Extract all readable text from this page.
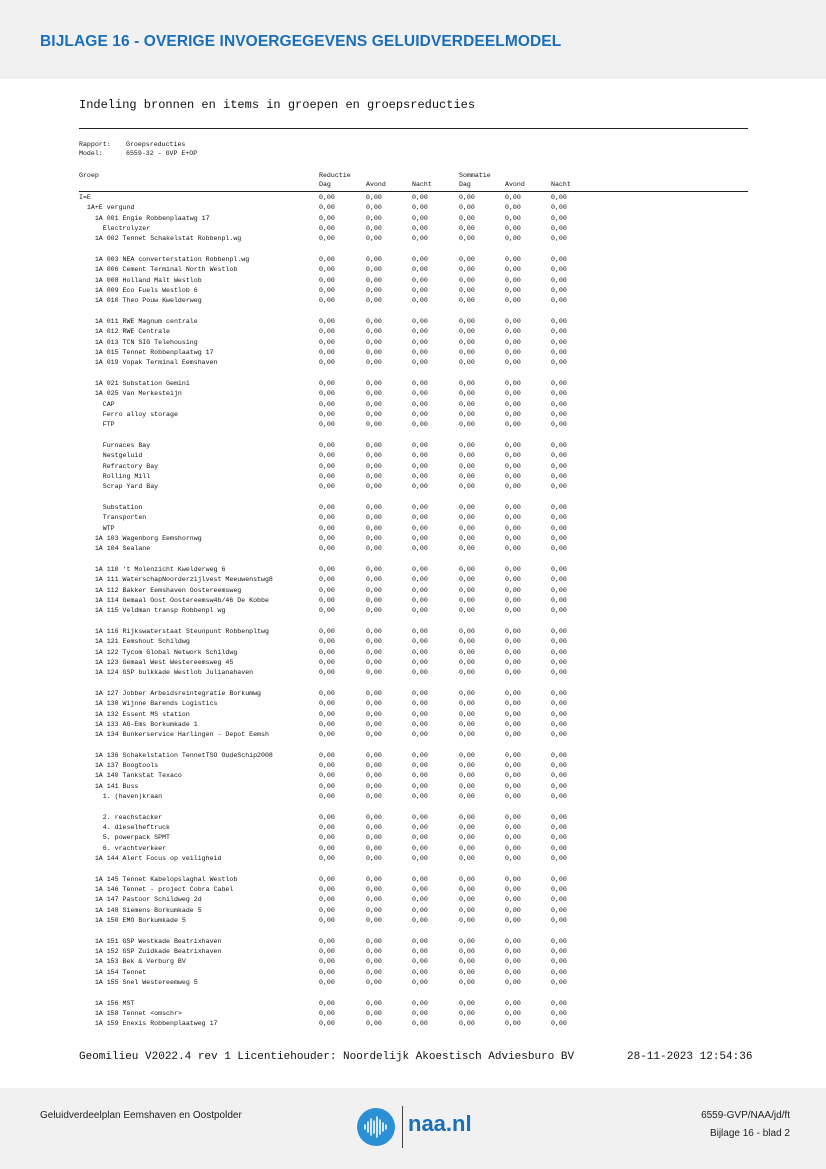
BIJLAGE 16 - OVERIGE INVOERGEGEVENS GELUIDVERDEELMODEL
Indeling bronnen en items in groepen en groepsreducties
Rapport: Groepsreducties
Model:	6559-32 - GVP E+OP
Groep	Reductie	Sommatie
Dag	Avond	Nacht	Dag	Avond	Nacht
I=E	0,00	0,00	0,00	0,00	0,00	0,00
1A+E vergund	0,00	0,00	0,00	0,00	0,00	0,00
1A 001 Engie Robbenplaatwg 17	0,00	0,00	0,00	0,00	0,00	0,00
Electrolyzer	0,00	0,00	0,00	0,00	0,00	0,00
1A 002 Tennet Schakelstat Robbenpl.wg	0,00	0,00	0,00	0,00	0,00	0,00
1A 003 NEA converterstation Robbenpl.wg	0,00	0,00	0,00	0,00	0,00	0,00
1A 006 Cement Terminal North Westlob	0,00	0,00	0,00	0,00	0,00	0,00
1A 008 Holland Malt Westlob	0,00	0,00	0,00	0,00	0,00	0,00
1A 009 Eco Fuels Westlob 6	0,00	0,00	0,00	0,00	0,00	0,00
1A 010 Theo Pouw Kwelderweg	0,00	0,00	0,00	0,00	0,00	0,00
1A 011 RWE Magnum centrale	0,00	0,00	0,00	0,00	0,00	0,00
1A 012 RWE Centrale	0,00	0,00	0,00	0,00	0,00	0,00
1A 013 TCN SIG Telehousing	0,00	0,00	0,00	0,00	0,00	0,00
1A 015 Tennet Robbenplaatwg 17	0,00	0,00	0,00	0,00	0,00	0,00
1A 019 Vopak Terminal Eemshaven	0,00	0,00	0,00	0,00	0,00	0,00
1A 021 Substation Gemini	0,00	0,00	0,00	0,00	0,00	0,00
1A 025 Van Merkesteijn	0,00	0,00	0,00	0,00	0,00	0,00
CAP	0,00	0,00	0,00	0,00	0,00	0,00
Ferro alloy storage	0,00	0,00	0,00	0,00	0,00	0,00
FTP	0,00	0,00	0,00	0,00	0,00	0,00
Furnaces Bay	0,00	0,00	0,00	0,00	0,00	0,00
Nestgeluid	0,00	0,00	0,00	0,00	0,00	0,00
Refractory Bay	0,00	0,00	0,00	0,00	0,00	0,00
Rolling Mill	0,00	0,00	0,00	0,00	0,00	0,00
Scrap Yard Bay	0,00	0,00	0,00	0,00	0,00	0,00
Substation	0,00	0,00	0,00	0,00	0,00	0,00
Transporten	0,00	0,00	0,00	0,00	0,00	0,00
WTP	0,00	0,00	0,00	0,00	0,00	0,00
1A 103 Wagenborg Eemshornwg	0,00	0,00	0,00	0,00	0,00	0,00
1A 104 Sealane	0,00	0,00	0,00	0,00	0,00	0,00
1A 110 't Molenzicht Kwelderweg 6	0,00	0,00	0,00	0,00	0,00	0,00
1A 111 WaterschapNoorderzijlvest Meeuwenstwg8	0,00	0,00	0,00	0,00	0,00	0,00
1A 112 Bakker Eemshaven Oostereemsweg	0,00	0,00	0,00	0,00	0,00	0,00
1A 114 Gemaal Oost Oostereemsw4b/46 De Kobbe	0,00	0,00	0,00	0,00	0,00	0,00
1A 115 Veldman transp Robbenpl wg	0,00	0,00	0,00	0,00	0,00	0,00
1A 116 Rijkswaterstaat Steunpunt Robbenpltwg	0,00	0,00	0,00	0,00	0,00	0,00
1A 121 Eemshout Schildwg	0,00	0,00	0,00	0,00	0,00	0,00
1A 122 Tycom Global Network Schildwg	0,00	0,00	0,00	0,00	0,00	0,00
1A 123 Gemaal West Westereemsweg 45	0,00	0,00	0,00	0,00	0,00	0,00
1A 124 GSP bulkkade Westlob Julianahaven	0,00	0,00	0,00	0,00	0,00	0,00
1A 127 Jobber Arbeidsreintegratie Borkumwg	0,00	0,00	0,00	0,00	0,00	0,00
1A 130 Wijnne Barends Logistics	0,00	0,00	0,00	0,00	0,00	0,00
1A 132 Essent MS station	0,00	0,00	0,00	0,00	0,00	0,00
1A 133 AG-Ems Borkumkade 1	0,00	0,00	0,00	0,00	0,00	0,00
1A 134 Bunkerservice Harlingen - Depot Eemsh	0,00	0,00	0,00	0,00	0,00	0,00
1A 136 Schakelstation TennetTSO OudeSchip2008	0,00	0,00	0,00	0,00	0,00	0,00
1A 137 Boogtools	0,00	0,00	0,00	0,00	0,00	0,00
1A 140 Tankstat Texaco	0,00	0,00	0,00	0,00	0,00	0,00
1A 141 Buss	0,00	0,00	0,00	0,00	0,00	0,00
1. (haven)kraan	0,00	0,00	0,00	0,00	0,00	0,00
2. reachstacker	0,00	0,00	0,00	0,00	0,00	0,00
4. dieselheftruck	0,00	0,00	0,00	0,00	0,00	0,00
5. powerpack SPMT	0,00	0,00	0,00	0,00	0,00	0,00
6. vrachtverkeer	0,00	0,00	0,00	0,00	0,00	0,00
1A 144 Alert Focus op veiligheid	0,00	0,00	0,00	0,00	0,00	0,00
1A 145 Tennet Kabelopslaghal Westlob	0,00	0,00	0,00	0,00	0,00	0,00
1A 146 Tennet - project Cobra Cabel	0,00	0,00	0,00	0,00	0,00	0,00
1A 147 Pastoor Schildweg 2d	0,00	0,00	0,00	0,00	0,00	0,00
1A 148 Siemens Borkumkade 5	0,00	0,00	0,00	0,00	0,00	0,00
1A 150 EMO Borkumkade 5	0,00	0,00	0,00	0,00	0,00	0,00
1A 151 GSP Westkade Beatrixhaven	0,00	0,00	0,00	0,00	0,00	0,00
1A 152 GSP Zuidkade Beatrixhaven	0,00	0,00	0,00	0,00	0,00	0,00
1A 153 Bek & Verburg BV	0,00	0,00	0,00	0,00	0,00	0,00
1A 154 Tennet	0,00	0,00	0,00	0,00	0,00	0,00
1A 155 Snel Westereemweg 5	0,00	0,00	0,00	0,00	0,00	0,00
1A 156 MST	0,00	0,00	0,00	0,00	0,00	0,00
1A 158 Tennet <omschr>	0,00	0,00	0,00	0,00	0,00	0,00
1A 159 Enexis Robbenplaatweg 17	0,00	0,00	0,00	0,00	0,00	0,00
Geomilieu V2022.4 rev 1 Licentiehouder: Noordelijk Akoestisch Adviesburo BV	28-11-2023 12:54:36
Geluidverdeelplan Eemshaven en Oostpolder	naa.nl	6559-GVP/NAA/jd/ft
Bijlage 16 - blad 2
